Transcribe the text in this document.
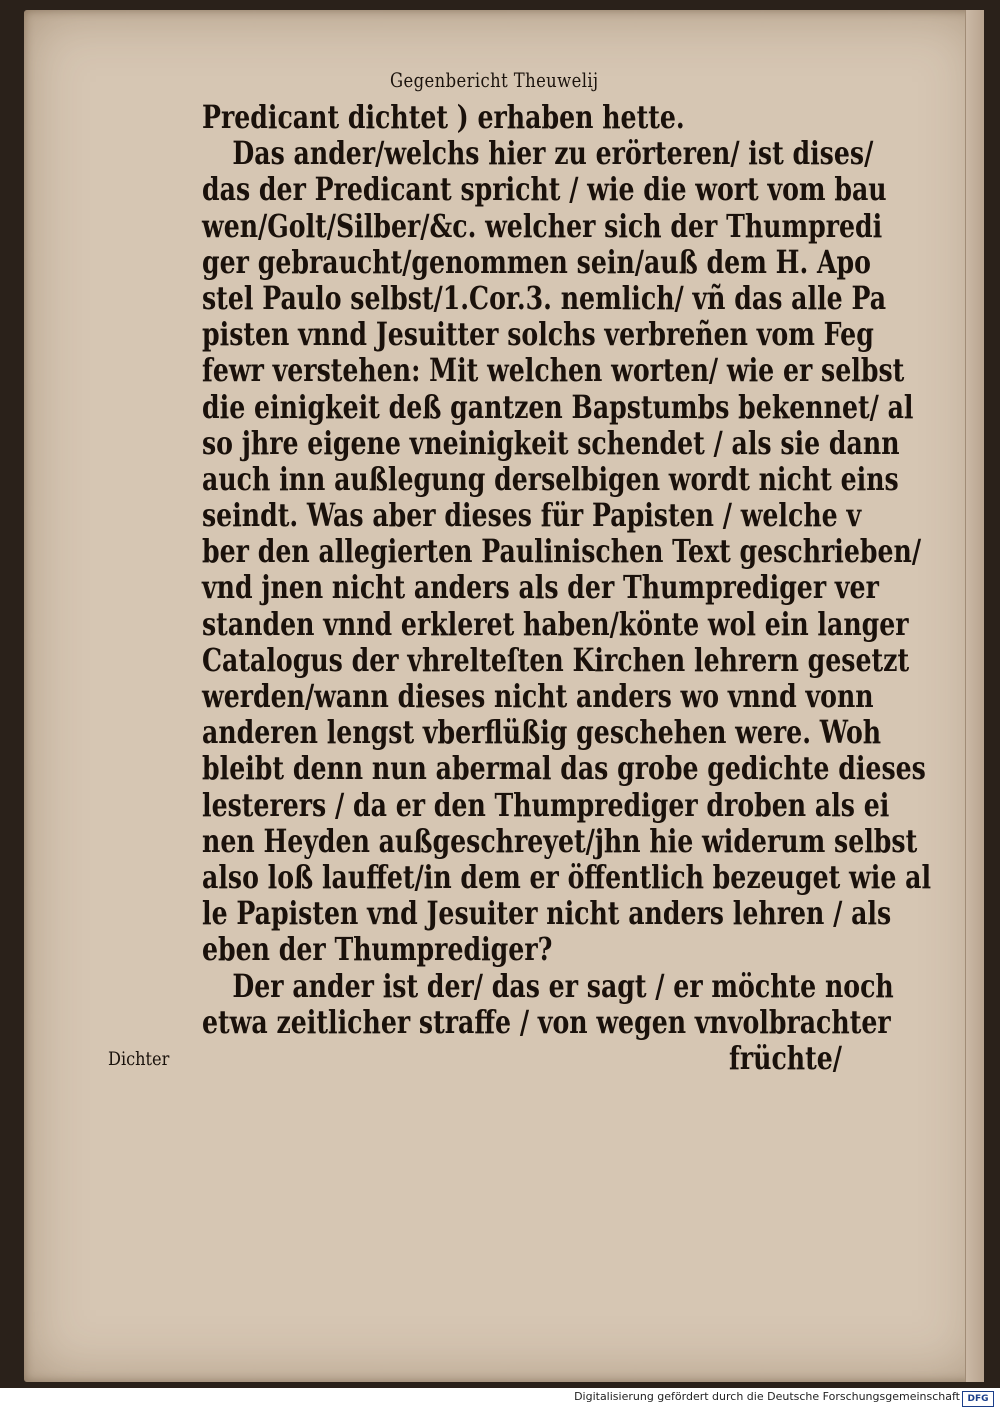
Gegenbericht Theuwelij
Dichter
Predicant dichtet ) erhaben hette.
Das ander/welchs hier zu erörteren/ ist dises/
das der Predicant spricht / wie die wort vom bau
wen/Golt/Silber/&c. welcher sich der Thumpredi
ger gebraucht/genommen sein/auß dem H. Apo
stel Paulo selbst/1.Cor.3. nemlich/ vñ das alle Pa
pisten vnnd Jesuitter solchs verbreñen vom Feg
fewr verstehen: Mit welchen worten/ wie er selbst
die einigkeit deß gantzen Bapstumbs bekennet/ al
so jhre eigene vneinigkeit schendet / als sie dann
auch inn außlegung derselbigen wordt nicht eins
seindt. Was aber dieses für Papisten / welche v
ber den allegierten Paulinischen Text geschrieben/
vnd jnen nicht anders als der Thumprediger ver
standen vnnd erkleret haben/könte wol ein langer
Catalogus der vhrelteſten Kirchen lehrern gesetzt
werden/wann dieses nicht anders wo vnnd vonn
anderen lengst vberflüßig geschehen were. Woh
bleibt denn nun abermal das grobe gedichte dieses
lesterers / da er den Thumprediger droben als ei
nen Heyden außgeschreyet/jhn hie widerum selbst
also loß lauffet/in dem er öffentlich bezeuget wie al
le Papisten vnd Jesuiter nicht anders lehren / als
eben der Thumprediger?
Der ander ist der/ das er sagt / er möchte noch
etwa zeitlicher straffe / von wegen vnvolbrachter
früchte/
Digitalisierung gefördert durch die Deutsche Forschungsgemeinschaft DFG
